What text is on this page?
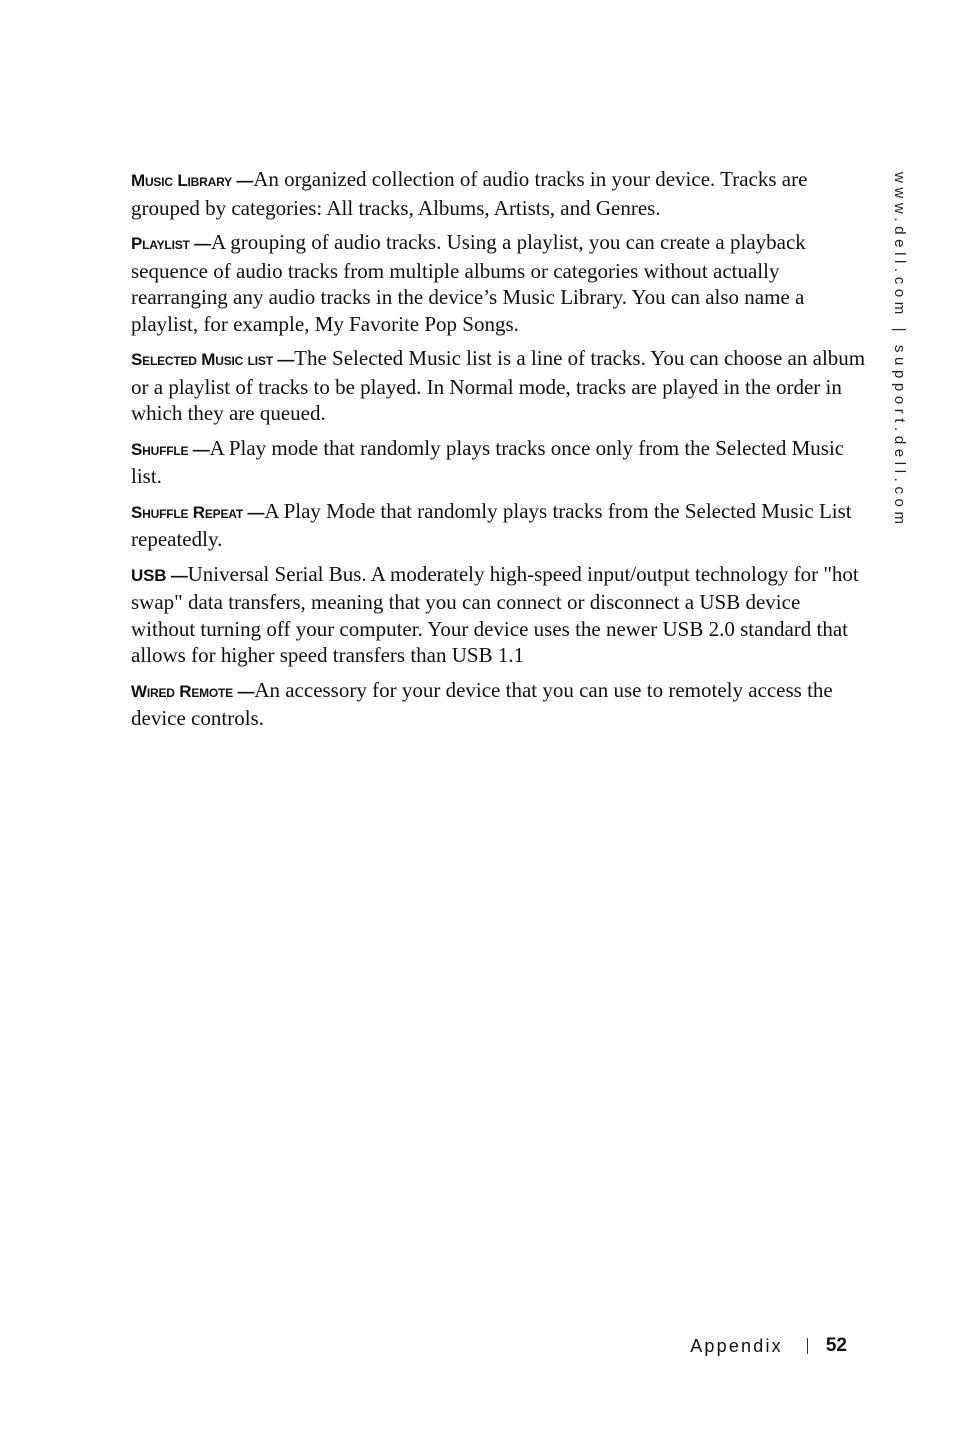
Music Library —An organized collection of audio tracks in your device. Tracks are grouped by categories: All tracks, Albums, Artists, and Genres.

Playlist —A grouping of audio tracks. Using a playlist, you can create a playback sequence of audio tracks from multiple albums or categories without actually rearranging any audio tracks in the device’s Music Library. You can also name a playlist, for example, My Favorite Pop Songs.

Selected Music list —The Selected Music list is a line of tracks. You can choose an album or a playlist of tracks to be played. In Normal mode, tracks are played in the order in which they are queued.

Shuffle —A Play mode that randomly plays tracks once only from the Selected Music list.

Shuffle Repeat —A Play Mode that randomly plays tracks from the Selected Music List repeatedly.

USB —Universal Serial Bus. A moderately high-speed input/output technology for "hot swap" data transfers, meaning that you can connect or disconnect a USB device without turning off your computer. Your device uses the newer USB 2.0 standard that allows for higher speed transfers than USB 1.1

Wired Remote —An accessory for your device that you can use to remotely access the device controls.

www.dell.com | support.dell.com
Appendix 52
